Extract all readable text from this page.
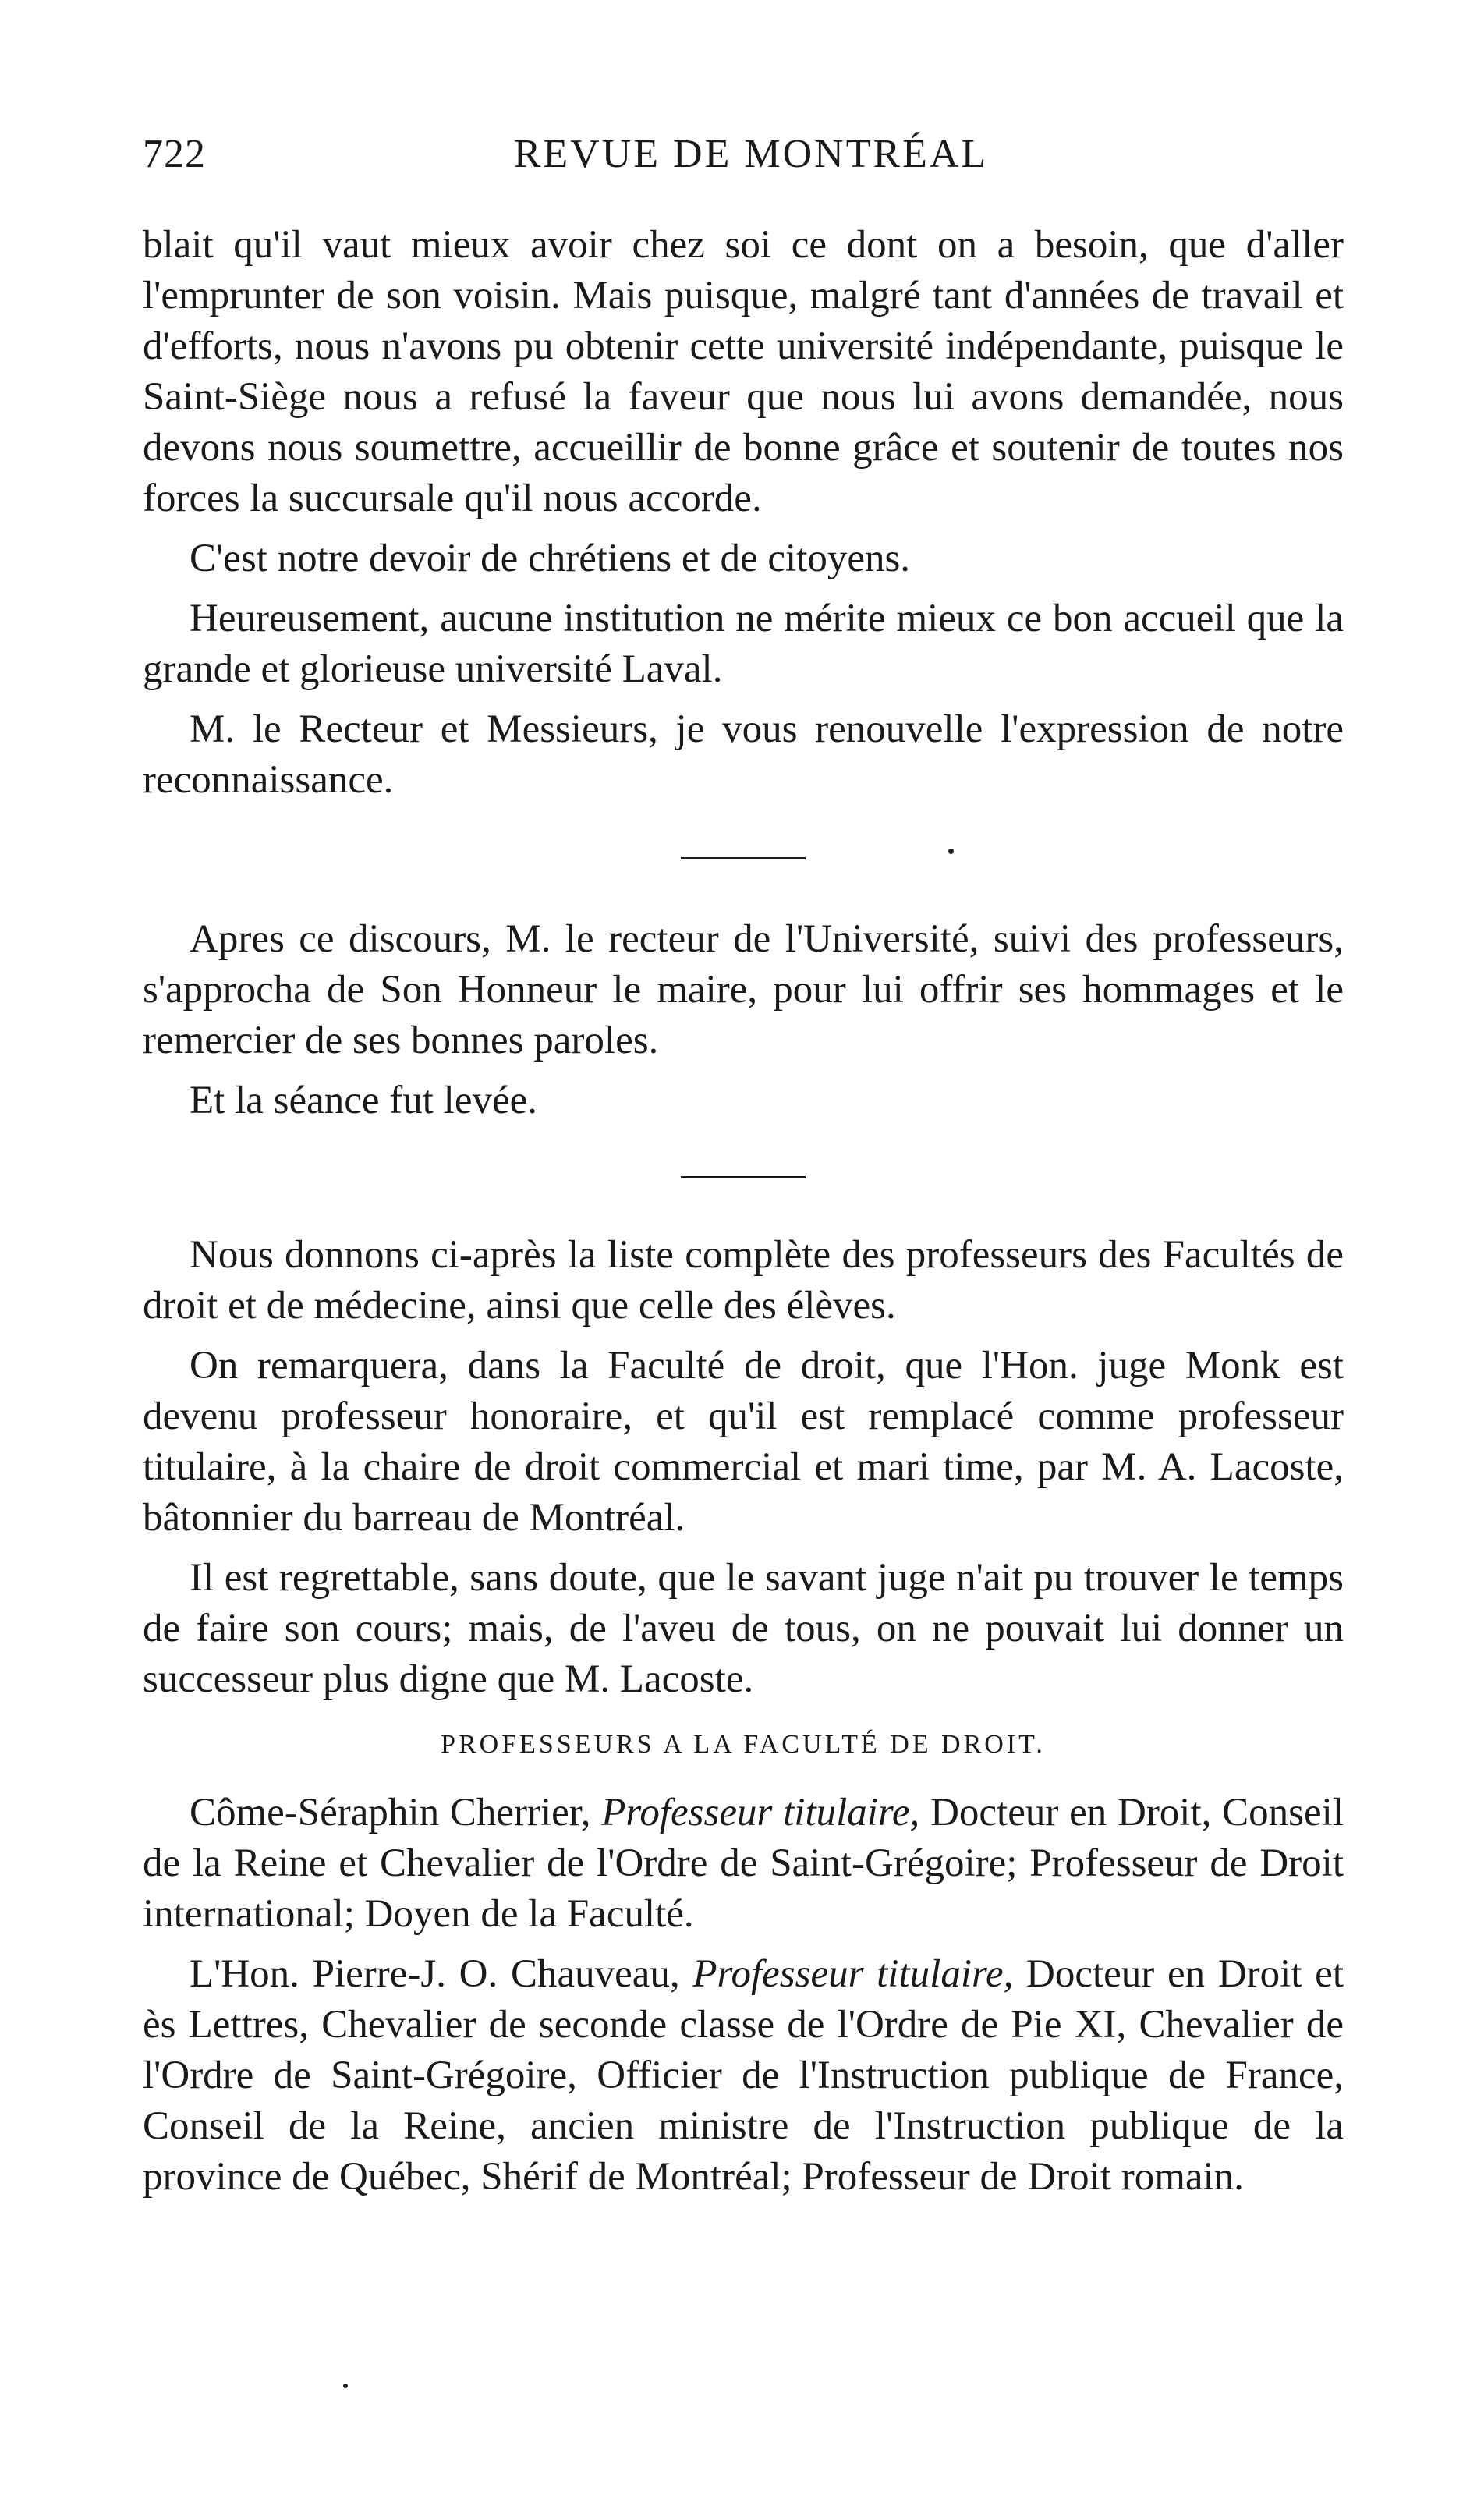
722	REVUE DE MONTRÉAL

blait qu'il vaut mieux avoir chez soi ce dont on a besoin, que d'aller l'emprunter de son voisin. Mais puisque, malgré tant d'années de travail et d'efforts, nous n'avons pu obtenir cette université indépendante, puisque le Saint-Siège nous a refusé la faveur que nous lui avons demandée, nous devons nous soumettre, accueillir de bonne grâce et soutenir de toutes nos forces la succursale qu'il nous accorde.

C'est notre devoir de chrétiens et de citoyens.

Heureusement, aucune institution ne mérite mieux ce bon accueil que la grande et glorieuse université Laval.

M. le Recteur et Messieurs, je vous renouvelle l'expression de notre reconnaissance.

Apres ce discours, M. le recteur de l'Université, suivi des professeurs, s'approcha de Son Honneur le maire, pour lui offrir ses hommages et le remercier de ses bonnes paroles.

Et la séance fut levée.

Nous donnons ci-après la liste complète des professeurs des Facultés de droit et de médecine, ainsi que celle des élèves.

On remarquera, dans la Faculté de droit, que l'Hon. juge Monk est devenu professeur honoraire, et qu'il est remplacé comme professeur titulaire, à la chaire de droit commercial et mari time, par M. A. Lacoste, bâtonnier du barreau de Montréal.

Il est regrettable, sans doute, que le savant juge n'ait pu trouver le temps de faire son cours; mais, de l'aveu de tous, on ne pouvait lui donner un successeur plus digne que M. Lacoste.

PROFESSEURS A LA FACULTÉ DE DROIT.

Côme-Séraphin Cherrier, Professeur titulaire, Docteur en Droit, Conseil de la Reine et Chevalier de l'Ordre de Saint-Grégoire; Professeur de Droit international; Doyen de la Faculté.

L'Hon. Pierre-J. O. Chauveau, Professeur titulaire, Docteur en Droit et ès Lettres, Chevalier de seconde classe de l'Ordre de Pie XI, Chevalier de l'Ordre de Saint-Grégoire, Officier de l'Instruction publique de France, Conseil de la Reine, ancien ministre de l'Instruction publique de la province de Québec, Shérif de Montréal; Professeur de Droit romain.
